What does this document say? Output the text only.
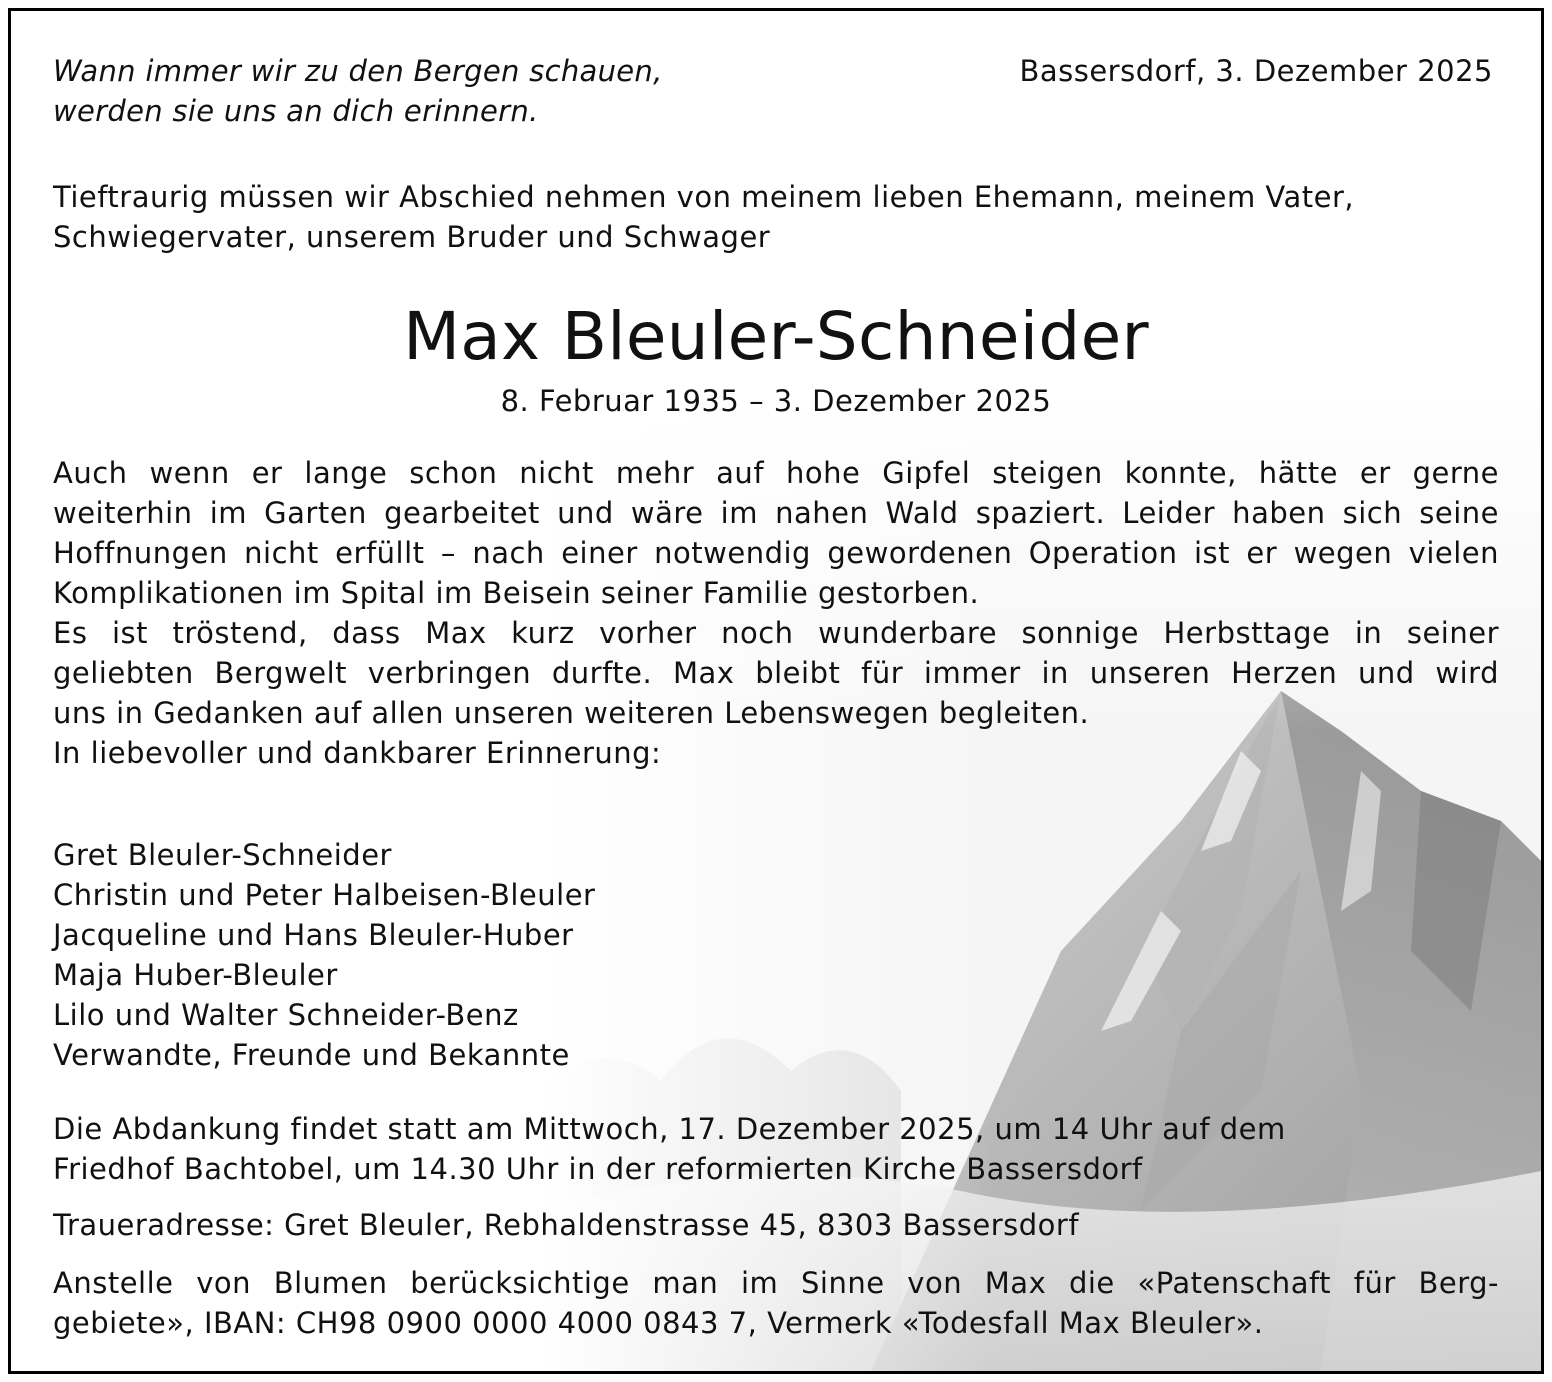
Wann immer wir zu den Bergen schauen,
werden sie uns an dich erinnern.
Bassersdorf, 3. Dezember 2025
Tieftraurig müssen wir Abschied nehmen von meinem lieben Ehemann, meinem Vater,
Schwiegervater, unserem Bruder und Schwager
Max Bleuler-Schneider
8. Februar 1935 – 3. Dezember 2025
Auch wenn er lange schon nicht mehr auf hohe Gipfel steigen konnte, hätte er gerne
weiterhin im Garten gearbeitet und wäre im nahen Wald spaziert. Leider haben sich seine
Hoffnungen nicht erfüllt – nach einer notwendig gewordenen Operation ist er wegen vielen
Komplikationen im Spital im Beisein seiner Familie gestorben.
Es ist tröstend, dass Max kurz vorher noch wunderbare sonnige Herbsttage in seiner
geliebten Bergwelt verbringen durfte. Max bleibt für immer in unseren Herzen und wird
uns in Gedanken auf allen unseren weiteren Lebenswegen begleiten.
In liebevoller und dankbarer Erinnerung:
Gret Bleuler-Schneider
Christin und Peter Halbeisen-Bleuler
Jacqueline und Hans Bleuler-Huber
Maja Huber-Bleuler
Lilo und Walter Schneider-Benz
Verwandte, Freunde und Bekannte
Die Abdankung findet statt am Mittwoch, 17. Dezember 2025, um 14 Uhr auf dem
Friedhof Bachtobel, um 14.30 Uhr in der reformierten Kirche Bassersdorf
Traueradresse: Gret Bleuler, Rebhaldenstrasse 45, 8303 Bassersdorf
Anstelle von Blumen berücksichtige man im Sinne von Max die «Patenschaft für Berg-
gebiete», IBAN: CH98 0900 0000 4000 0843 7, Vermerk «Todesfall Max Bleuler».
